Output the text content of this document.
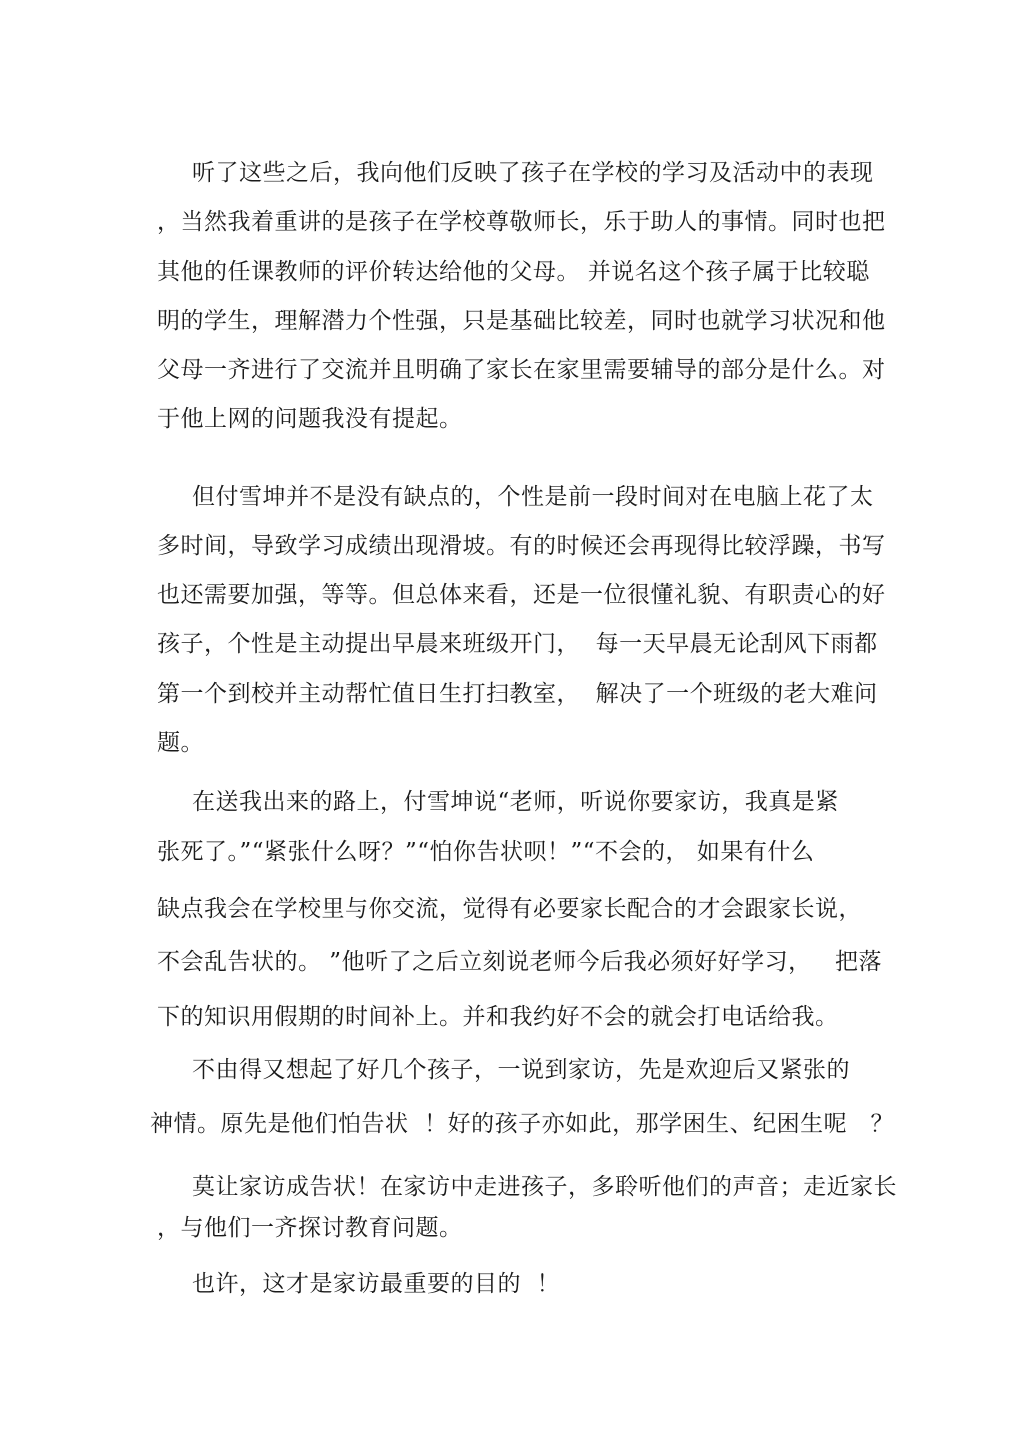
听了这些之后，我向他们反映了孩子在学校的学习及活动中的表现
，当然我着重讲的是孩子在学校尊敬师长，乐于助人的事情。同时也把
其他的任课教师的评价转达给他的父母。 并说名这个孩子属于比较聪
明的学生，理解潜力个性强，只是基础比较差，同时也就学习状况和他
父母一齐进行了交流并且明确了家长在家里需要辅导的部分是什么。对
于他上网的问题我没有提起。
但付雪坤并不是没有缺点的，个性是前一段时间对在电脑上花了太
多时间，导致学习成绩出现滑坡。有的时候还会再现得比较浮躁，书写
也还需要加强，等等。但总体来看，还是一位很懂礼貌、有职责心的好
孩子，个性是主动提出早晨来班级开门，  每一天早晨无论刮风下雨都
第一个到校并主动帮忙值日生打扫教室，  解决了一个班级的老大难问
题。
在送我出来的路上，付雪坤说“老师，听说你要家访，我真是紧
张死了。”“紧张什么呀？”“怕你告状呗！”“不会的， 如果有什么
缺点我会在学校里与你交流，觉得有必要家长配合的才会跟家长说，
不会乱告状的。 ”他听了之后立刻说老师今后我必须好好学习，   把落
下的知识用假期的时间补上。并和我约好不会的就会打电话给我。
不由得又想起了好几个孩子，一说到家访，先是欢迎后又紧张的
神情。原先是他们怕告状  ！好的孩子亦如此，那学困生、纪困生呢   ？
莫让家访成告状！在家访中走进孩子，多聆听他们的声音；走近家长
，与他们一齐探讨教育问题。
也许，这才是家访最重要的目的  ！
